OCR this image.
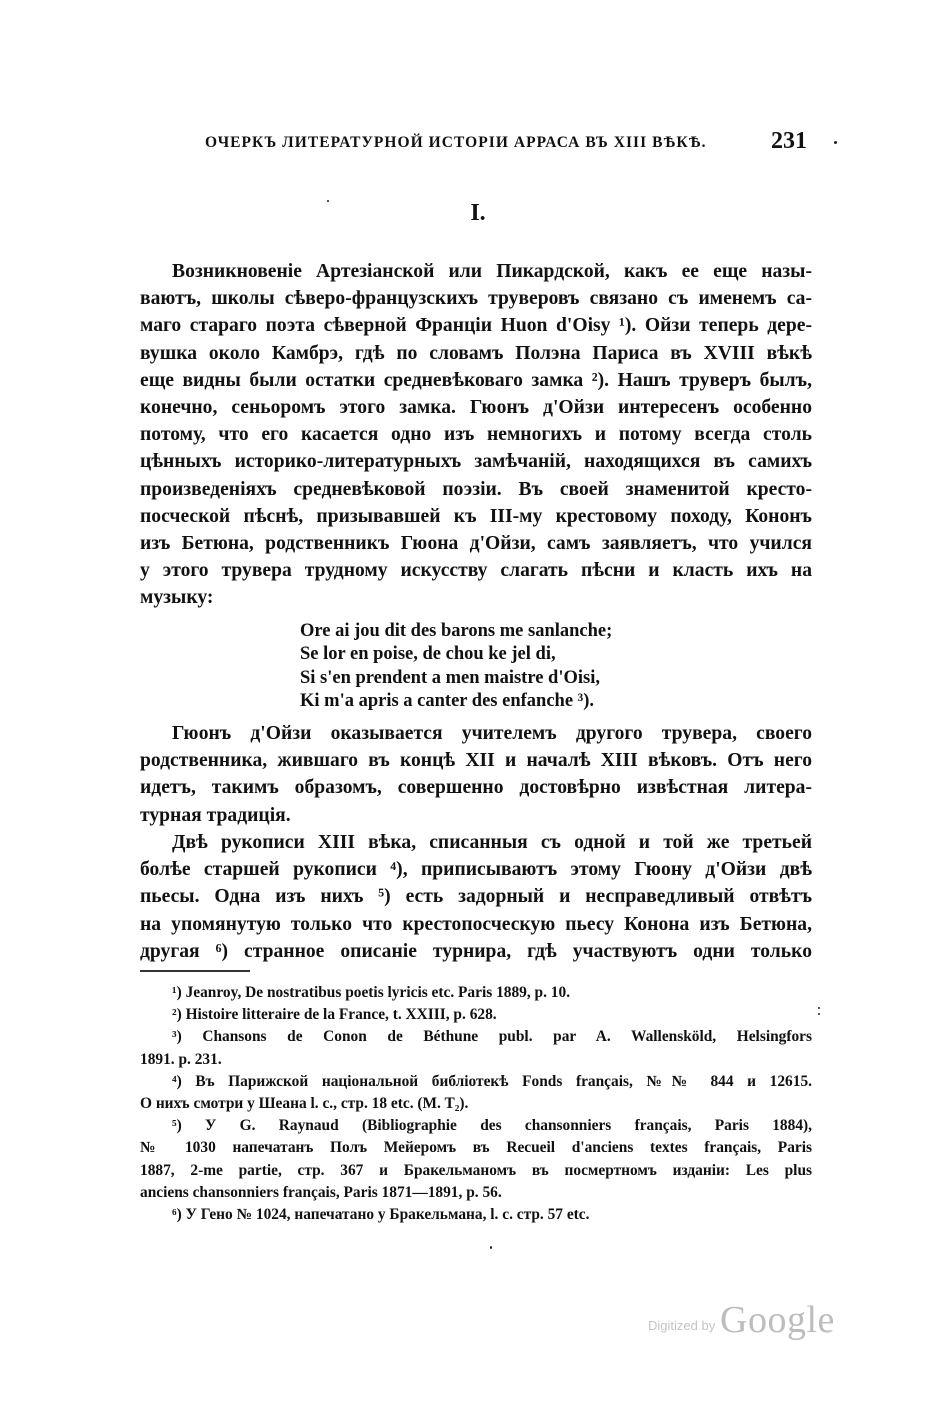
ОЧЕРКЪ ЛИТЕРАТУРНОЙ ИСТОРІИ АРРАСА ВЪ XIII ВѢКѢ.	231
I.
Возникновеніе Артезіанской или Пикардской, какъ ее еще назы-
ваютъ, школы сѣверо-французскихъ труверовъ связано съ именемъ са-
маго стараго поэта сѣверной Франціи Huon d'Oisy ¹). Ойзи теперь дере-
вушка около Камбрэ, гдѣ по словамъ Полэна Париса въ XVIII вѣкѣ
еще видны были остатки средневѣковаго замка ²). Нашъ труверъ былъ,
конечно, сеньоромъ этого замка. Гюонъ д'Ойзи интересенъ особенно
потому, что его касается одно изъ немногихъ и потому всегда столь
цѣнныхъ историко-литературныхъ замѣчаній, находящихся въ самихъ
произведеніяхъ средневѣковой поэзіи. Въ своей знаменитой кресто-
посческой пѣснѣ, призывавшей къ III-му крестовому походу, Кононъ
изъ Бетюна, родственникъ Гюона д'Ойзи, самъ заявляетъ, что учился
у этого трувера трудному искусству слагать пѣсни и класть ихъ на
музыку:
Ore ai jou dit des barons me sanlanche;
Se lor en poise, de chou ke jel di,
Si s'en prendent a men maistre d'Oisi,
Ki m'a apris a canter des enfanche ³).
Гюонъ д'Ойзи оказывается учителемъ другого трувера, своего
родственника, жившаго въ концѣ XII и началѣ XIII вѣковъ. Отъ него
идетъ, такимъ образомъ, совершенно достовѣрно извѣстная литера-
турная традиція.
Двѣ рукописи XIII вѣка, списанныя съ одной и той же третьей
болѣе старшей рукописи ⁴), приписываютъ этому Гюону д'Ойзи двѣ
пьесы. Одна изъ нихъ ⁵) есть задорный и несправедливый отвѣтъ
на упомянутую только что крестопосческую пьесу Конона изъ Бетюна,
другая ⁶) странное описаніе турнира, гдѣ участвуютъ одни только
¹) Jeanroy, De nostratibus poetis lyricis etc. Paris 1889, p. 10.
²) Histoire litteraire de la France, t. XXIII, p. 628.
³) Chansons de Conon de Béthune publ. par A. Wallensköld, Helsingfors
1891. p. 231.
⁴) Въ Парижской національной библіотекѣ Fonds français, №№ 844 и 12615.
О нихъ смотри у Шеана l. c., стр. 18 etc. (M. T₂).
⁵) У G. Raynaud (Bibliographie des chansonniers français, Paris 1884),
№ 1030 напечатанъ Полъ Мейеромъ въ Recueil d'anciens textes français, Paris
1887, 2-me partie, стр. 367 и Бракельманомъ въ посмертномъ изданіи: Les plus
anciens chansonniers français, Paris 1871—1891, p. 56.
⁶) У Гено № 1024, напечатано у Бракельмана, l. c. стр. 57 etc.
Digitized by Google
